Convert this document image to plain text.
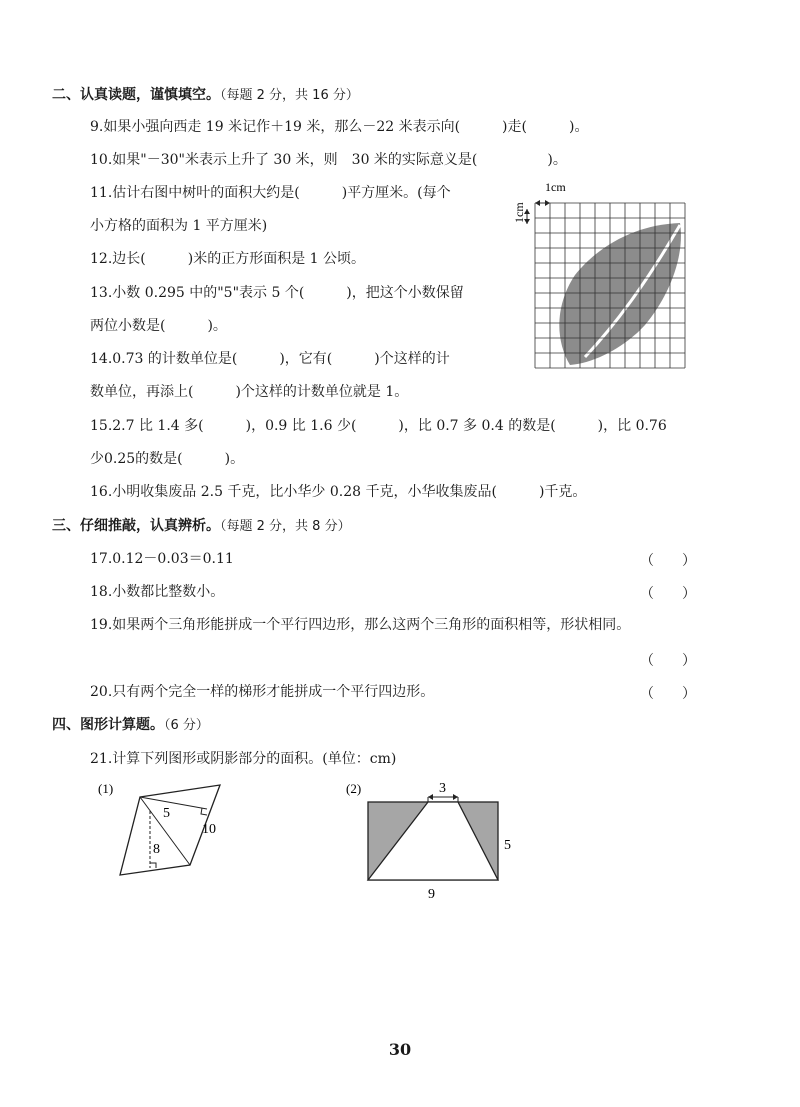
二、认真读题，谨慎填空。（每题 2 分，共 16 分）
9.如果小强向西走 19 米记作＋19 米，那么－22 米表示向(　　　)走(　　　)。
10.如果"－30"米表示上升了 30 米，则　30 米的实际意义是(　　　　　)。
11.估计右图中树叶的面积大约是(　　　)平方厘米。(每个
小方格的面积为 1 平方厘米)
12.边长(　　　)米的正方形面积是 1 公顷。
13.小数 0.295 中的"5"表示 5 个(　　　)，把这个小数保留
两位小数是(　　　)。
14.0.73 的计数单位是(　　　)，它有(　　　)个这样的计
数单位，再添上(　　　)个这样的计数单位就是 1。
15.2.7 比 1.4 多(　　　)，0.9 比 1.6 少(　　　)，比 0.7 多 0.4 的数是(　　　)，比 0.76
少0.25的数是(　　　)。
16.小明收集废品 2.5 千克，比小华少 0.28 千克，小华收集废品(　　　)千克。
1cm
1cm
三、仔细推敲，认真辨析。（每题 2 分，共 8 分）
17.0.12－0.03＝0.11	（　　）
18.小数都比整数小。	（　　）
19.如果两个三角形能拼成一个平行四边形，那么这两个三角形的面积相等，形状相同。
（　　）
20.只有两个完全一样的梯形才能拼成一个平行四边形。	（　　）
四、图形计算题。（6 分）
21.计算下列图形或阴影部分的面积。(单位：cm)
(1)
5
10
8
(2)	3
5
9
30
